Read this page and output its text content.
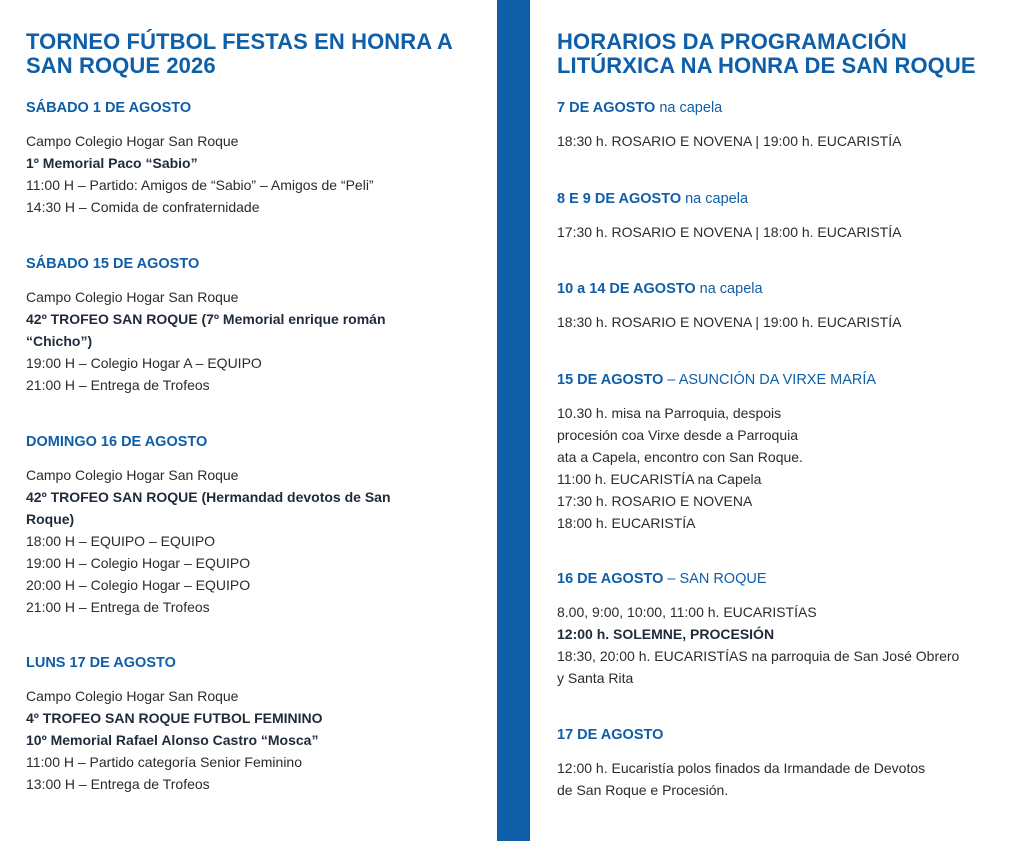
TORNEO FÚTBOL FESTAS EN HONRA A
SAN ROQUE 2026
SÁBADO 1 DE AGOSTO
Campo Colegio Hogar San Roque
1º Memorial Paco “Sabio”
11:00 H – Partido: Amigos de “Sabio” – Amigos de “Peli”
14:30 H – Comida de confraternidade
SÁBADO 15 DE AGOSTO
Campo Colegio Hogar San Roque
42º TROFEO SAN ROQUE (7º Memorial enrique román
“Chicho”)
19:00 H – Colegio Hogar A – EQUIPO
21:00 H – Entrega de Trofeos
DOMINGO 16 DE AGOSTO
Campo Colegio Hogar San Roque
42º TROFEO SAN ROQUE (Hermandad devotos de San
Roque)
18:00 H – EQUIPO – EQUIPO
19:00 H – Colegio Hogar – EQUIPO
20:00 H – Colegio Hogar – EQUIPO
21:00 H – Entrega de Trofeos
LUNS 17 DE AGOSTO
Campo Colegio Hogar San Roque
4º TROFEO SAN ROQUE FUTBOL FEMININO
10º Memorial Rafael Alonso Castro “Mosca”
11:00 H – Partido categoría Senior Feminino
13:00 H – Entrega de Trofeos
HORARIOS DA PROGRAMACIÓN
LITÚRXICA NA HONRA DE SAN ROQUE
7 DE AGOSTO na capela
18:30 h. ROSARIO E NOVENA | 19:00 h. EUCARISTÍA
8 E 9 DE AGOSTO na capela
17:30 h. ROSARIO E NOVENA | 18:00 h. EUCARISTÍA
10 a 14 DE AGOSTO na capela
18:30 h. ROSARIO E NOVENA | 19:00 h. EUCARISTÍA
15 DE AGOSTO – ASUNCIÓN DA VIRXE MARÍA
10.30 h. misa na Parroquia, despois
procesión coa Virxe desde a Parroquia
ata a Capela, encontro con San Roque.
11:00 h. EUCARISTÍA na Capela
17:30 h. ROSARIO E NOVENA
18:00 h. EUCARISTÍA
16 DE AGOSTO – SAN ROQUE
8.00, 9:00, 10:00, 11:00 h. EUCARISTÍAS
12:00 h. SOLEMNE, PROCESIÓN
18:30, 20:00 h. EUCARISTÍAS na parroquia de San José Obrero
y Santa Rita
17 DE AGOSTO
12:00 h. Eucaristía polos finados da Irmandade de Devotos
de San Roque e Procesión.
